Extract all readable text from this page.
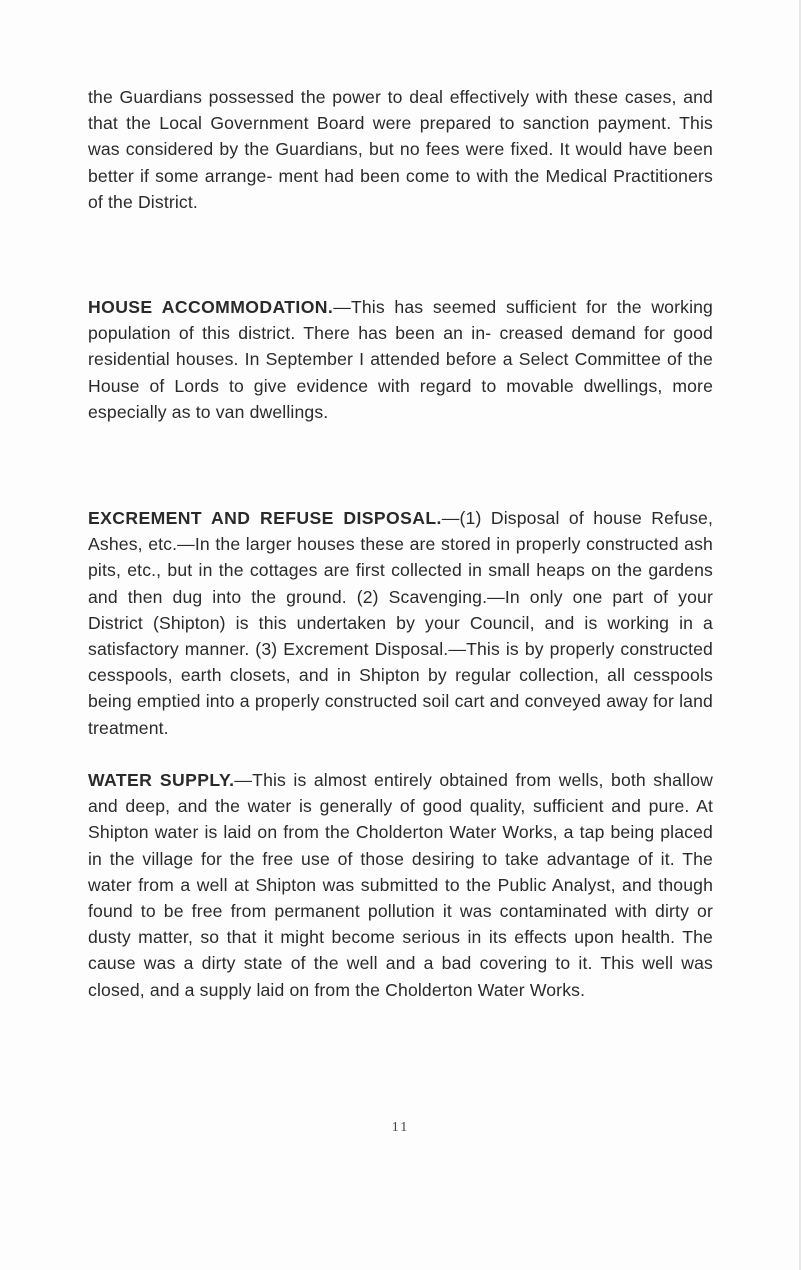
the Guardians possessed the power to deal effectively with these cases, and that the Local Government Board were prepared to sanction payment. This was considered by the Guardians, but no fees were fixed. It would have been better if some arrange- ment had been come to with the Medical Practitioners of the District.

HOUSE ACCOMMODATION.—This has seemed sufficient for the working population of this district. There has been an in- creased demand for good residential houses. In September I attended before a Select Committee of the House of Lords to give evidence with regard to movable dwellings, more especially as to van dwellings.

EXCREMENT AND REFUSE DISPOSAL.—(1) Disposal of house Refuse, Ashes, etc.—In the larger houses these are stored in properly constructed ash pits, etc., but in the cottages are first collected in small heaps on the gardens and then dug into the ground. (2) Scavenging.—In only one part of your District (Shipton) is this undertaken by your Council, and is working in a satisfactory manner. (3) Excrement Disposal.—This is by properly constructed cesspools, earth closets, and in Shipton by regular collection, all cesspools being emptied into a properly constructed soil cart and conveyed away for land treatment.

WATER SUPPLY.—This is almost entirely obtained from wells, both shallow and deep, and the water is generally of good quality, sufficient and pure. At Shipton water is laid on from the Cholderton Water Works, a tap being placed in the village for the free use of those desiring to take advantage of it. The water from a well at Shipton was submitted to the Public Analyst, and though found to be free from permanent pollution it was contaminated with dirty or dusty matter, so that it might become serious in its effects upon health. The cause was a dirty state of the well and a bad covering to it. This well was closed, and a supply laid on from the Cholderton Water Works.

11
